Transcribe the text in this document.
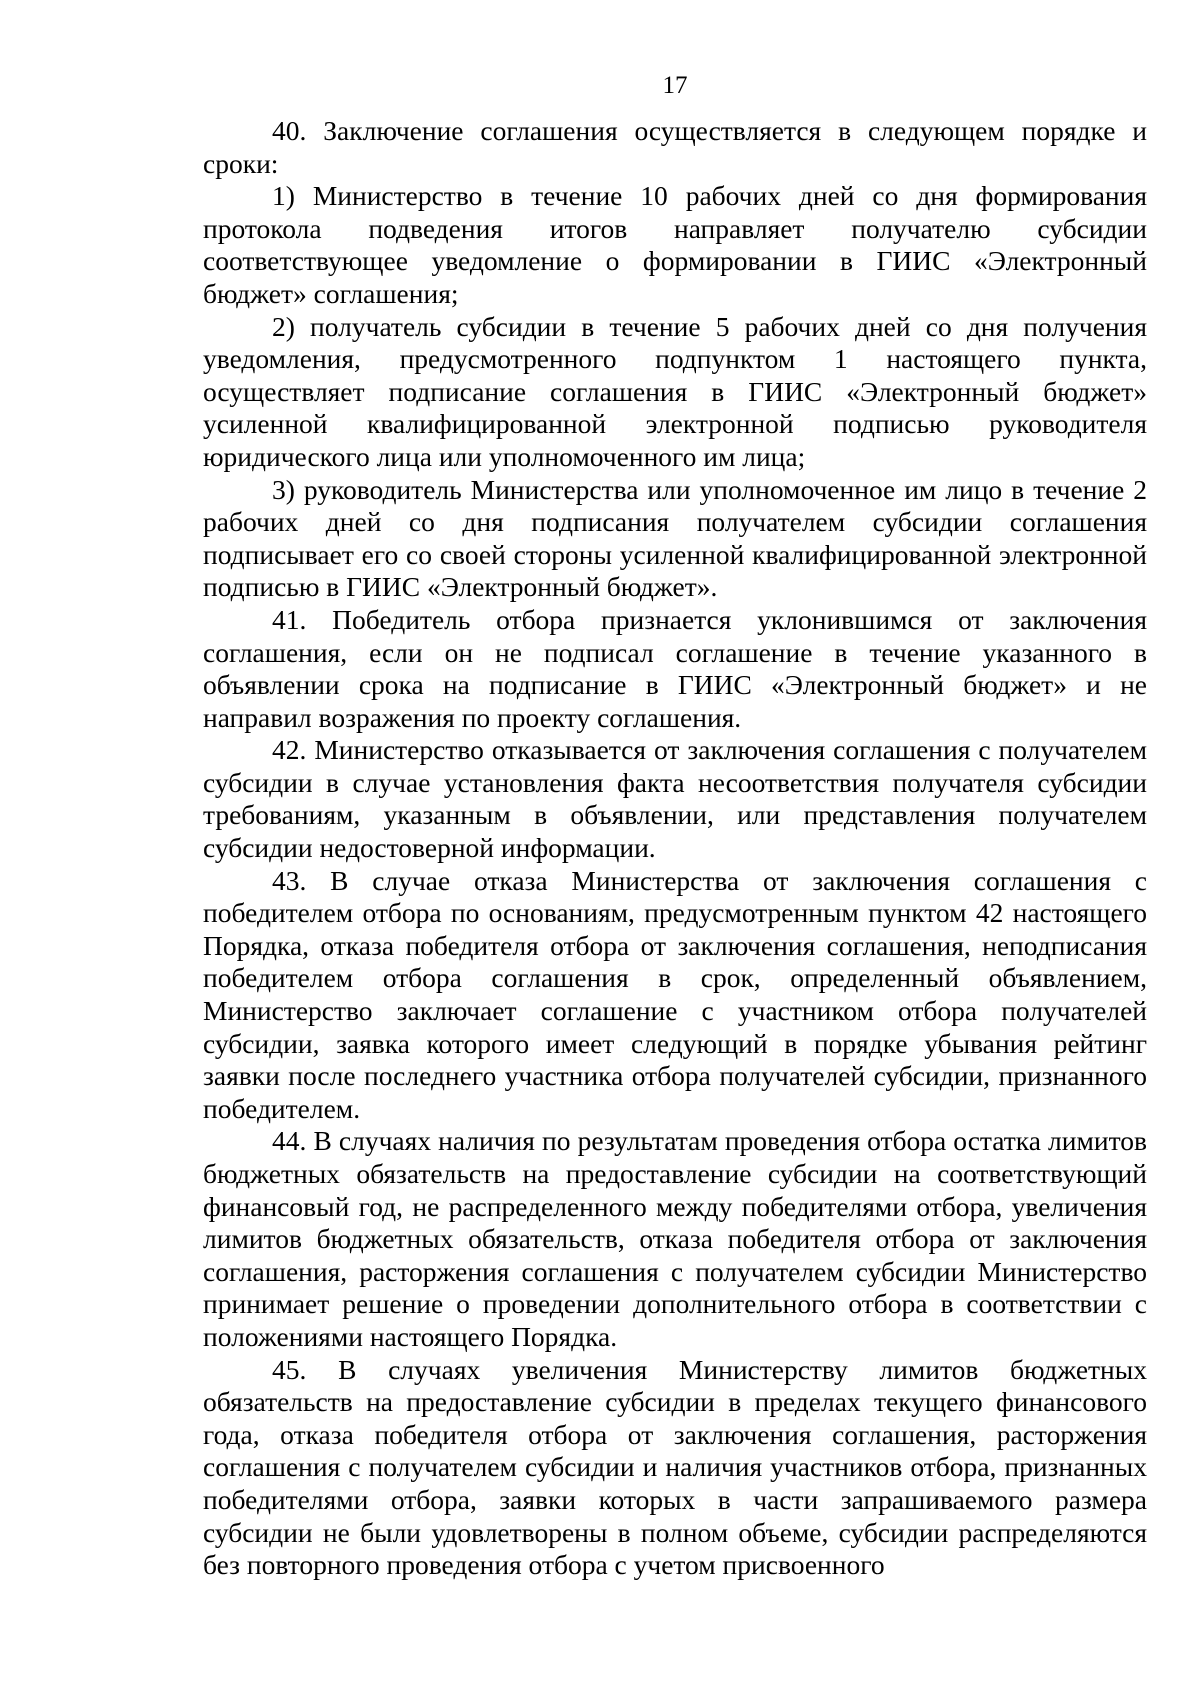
17

40. Заключение соглашения осуществляется в следующем порядке и сроки:

1) Министерство в течение 10 рабочих дней со дня формирования протокола подведения итогов направляет получателю субсидии соответствующее уведомление о формировании в ГИИС «Электронный бюджет» соглашения;

2) получатель субсидии в течение 5 рабочих дней со дня получения уведомления, предусмотренного подпунктом 1 настоящего пункта, осуществляет подписание соглашения в ГИИС «Электронный бюджет» усиленной квалифицированной электронной подписью руководителя юридического лица или уполномоченного им лица;

3) руководитель Министерства или уполномоченное им лицо в течение 2 рабочих дней со дня подписания получателем субсидии соглашения подписывает его со своей стороны усиленной квалифицированной электронной подписью в ГИИС «Электронный бюджет».

41. Победитель отбора признается уклонившимся от заключения соглашения, если он не подписал соглашение в течение указанного в объявлении срока на подписание в ГИИС «Электронный бюджет» и не направил возражения по проекту соглашения.

42. Министерство отказывается от заключения соглашения с получателем субсидии в случае установления факта несоответствия получателя субсидии требованиям, указанным в объявлении, или представления получателем субсидии недостоверной информации.

43. В случае отказа Министерства от заключения соглашения с победителем отбора по основаниям, предусмотренным пунктом 42 настоящего Порядка, отказа победителя отбора от заключения соглашения, неподписания победителем отбора соглашения в срок, определенный объявлением, Министерство заключает соглашение с участником отбора получателей субсидии, заявка которого имеет следующий в порядке убывания рейтинг заявки после последнего участника отбора получателей субсидии, признанного победителем.

44. В случаях наличия по результатам проведения отбора остатка лимитов бюджетных обязательств на предоставление субсидии на соответствующий финансовый год, не распределенного между победителями отбора, увеличения лимитов бюджетных обязательств, отказа победителя отбора от заключения соглашения, расторжения соглашения с получателем субсидии Министерство принимает решение о проведении дополнительного отбора в соответствии с положениями настоящего Порядка.

45. В случаях увеличения Министерству лимитов бюджетных обязательств на предоставление субсидии в пределах текущего финансового года, отказа победителя отбора от заключения соглашения, расторжения соглашения с получателем субсидии и наличия участников отбора, признанных победителями отбора, заявки которых в части запрашиваемого размера субсидии не были удовлетворены в полном объеме, субсидии распределяются без повторного проведения отбора с учетом присвоенного
